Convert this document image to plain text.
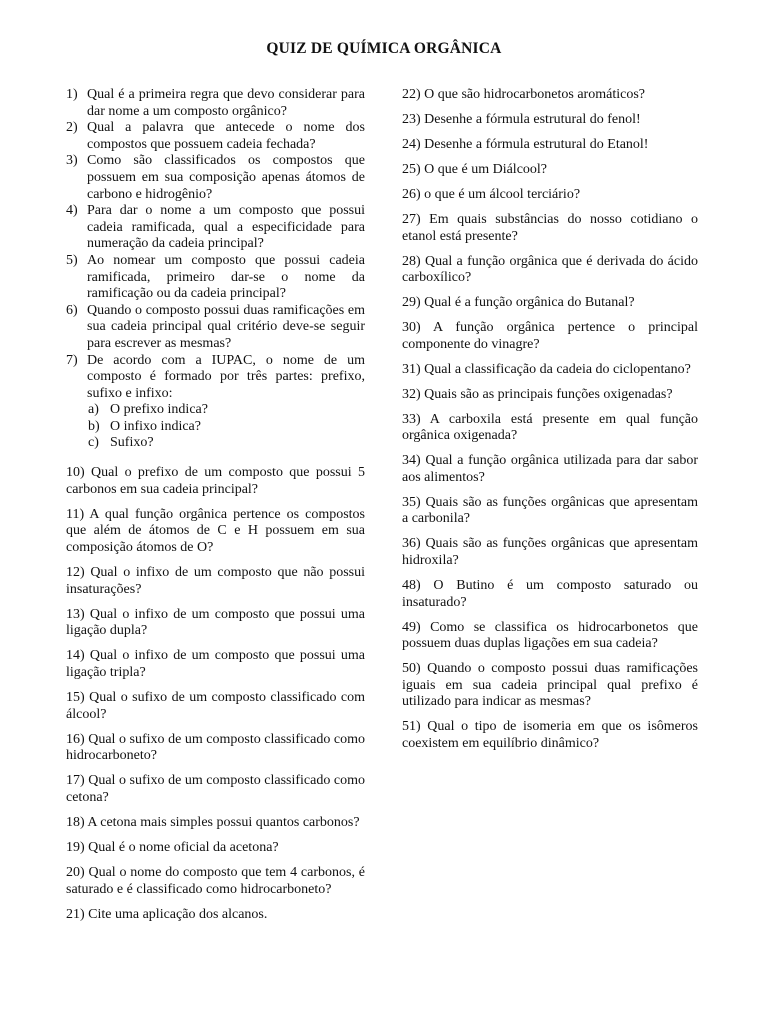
QUIZ DE QUÍMICA ORGÂNICA
1) Qual é a primeira regra que devo considerar para dar nome a um composto orgânico?
2) Qual a palavra que antecede o nome dos compostos que possuem cadeia fechada?
3) Como são classificados os compostos que possuem em sua composição apenas átomos de carbono e hidrogênio?
4) Para dar o nome a um composto que possui cadeia ramificada, qual a especificidade para numeração da cadeia principal?
5) Ao nomear um composto que possui cadeia ramificada, primeiro dar-se o nome da ramificação ou da cadeia principal?
6) Quando o composto possui duas ramificações em sua cadeia principal qual critério deve-se seguir para escrever as mesmas?
7) De acordo com a IUPAC, o nome de um composto é formado por três partes: prefixo, sufixo e infixo:
a) O prefixo indica?
b) O infixo indica?
c) Sufixo?

10) Qual o prefixo de um composto que possui 5 carbonos em sua cadeia principal?

11) A qual função orgânica pertence os compostos que além de átomos de C e H possuem em sua composição átomos de O?

12) Qual o infixo de um composto que não possui insaturações?

13) Qual o infixo de um composto que possui uma ligação dupla?

14) Qual o infixo de um composto que possui uma ligação tripla?

15) Qual o sufixo de um composto classificado com álcool?

16) Qual o sufixo de um composto classificado como hidrocarboneto?

17) Qual o sufixo de um composto classificado como cetona?

18) A cetona mais simples possui quantos carbonos?

19) Qual é o nome oficial da acetona?

20) Qual o nome do composto que tem 4 carbonos, é saturado e é classificado como hidrocarboneto?

21) Cite uma aplicação dos alcanos.

22) O que são hidrocarbonetos aromáticos?

23) Desenhe a fórmula estrutural do fenol!

24) Desenhe a fórmula estrutural do Etanol!

25) O que é um Diálcool?

26) o que é um álcool terciário?

27) Em quais substâncias do nosso cotidiano o etanol está presente?

28) Qual a função orgânica que é derivada do ácido carboxílico?

29) Qual é a função orgânica do Butanal?

30) A função orgânica pertence o principal componente do vinagre?

31) Qual a classificação da cadeia do ciclopentano?

32) Quais são as principais funções oxigenadas?

33) A carboxila está presente em qual função orgânica oxigenada?

34) Qual a função orgânica utilizada para dar sabor aos alimentos?

35) Quais são as funções orgânicas que apresentam a carbonila?

36) Quais são as funções orgânicas que apresentam hidroxila?

48) O Butino é um composto saturado ou insaturado?

49) Como se classifica os hidrocarbonetos que possuem duas duplas ligações em sua cadeia?

50) Quando o composto possui duas ramificações iguais em sua cadeia principal qual prefixo é utilizado para indicar as mesmas?

51) Qual o tipo de isomeria em que os isômeros coexistem em equilíbrio dinâmico?
